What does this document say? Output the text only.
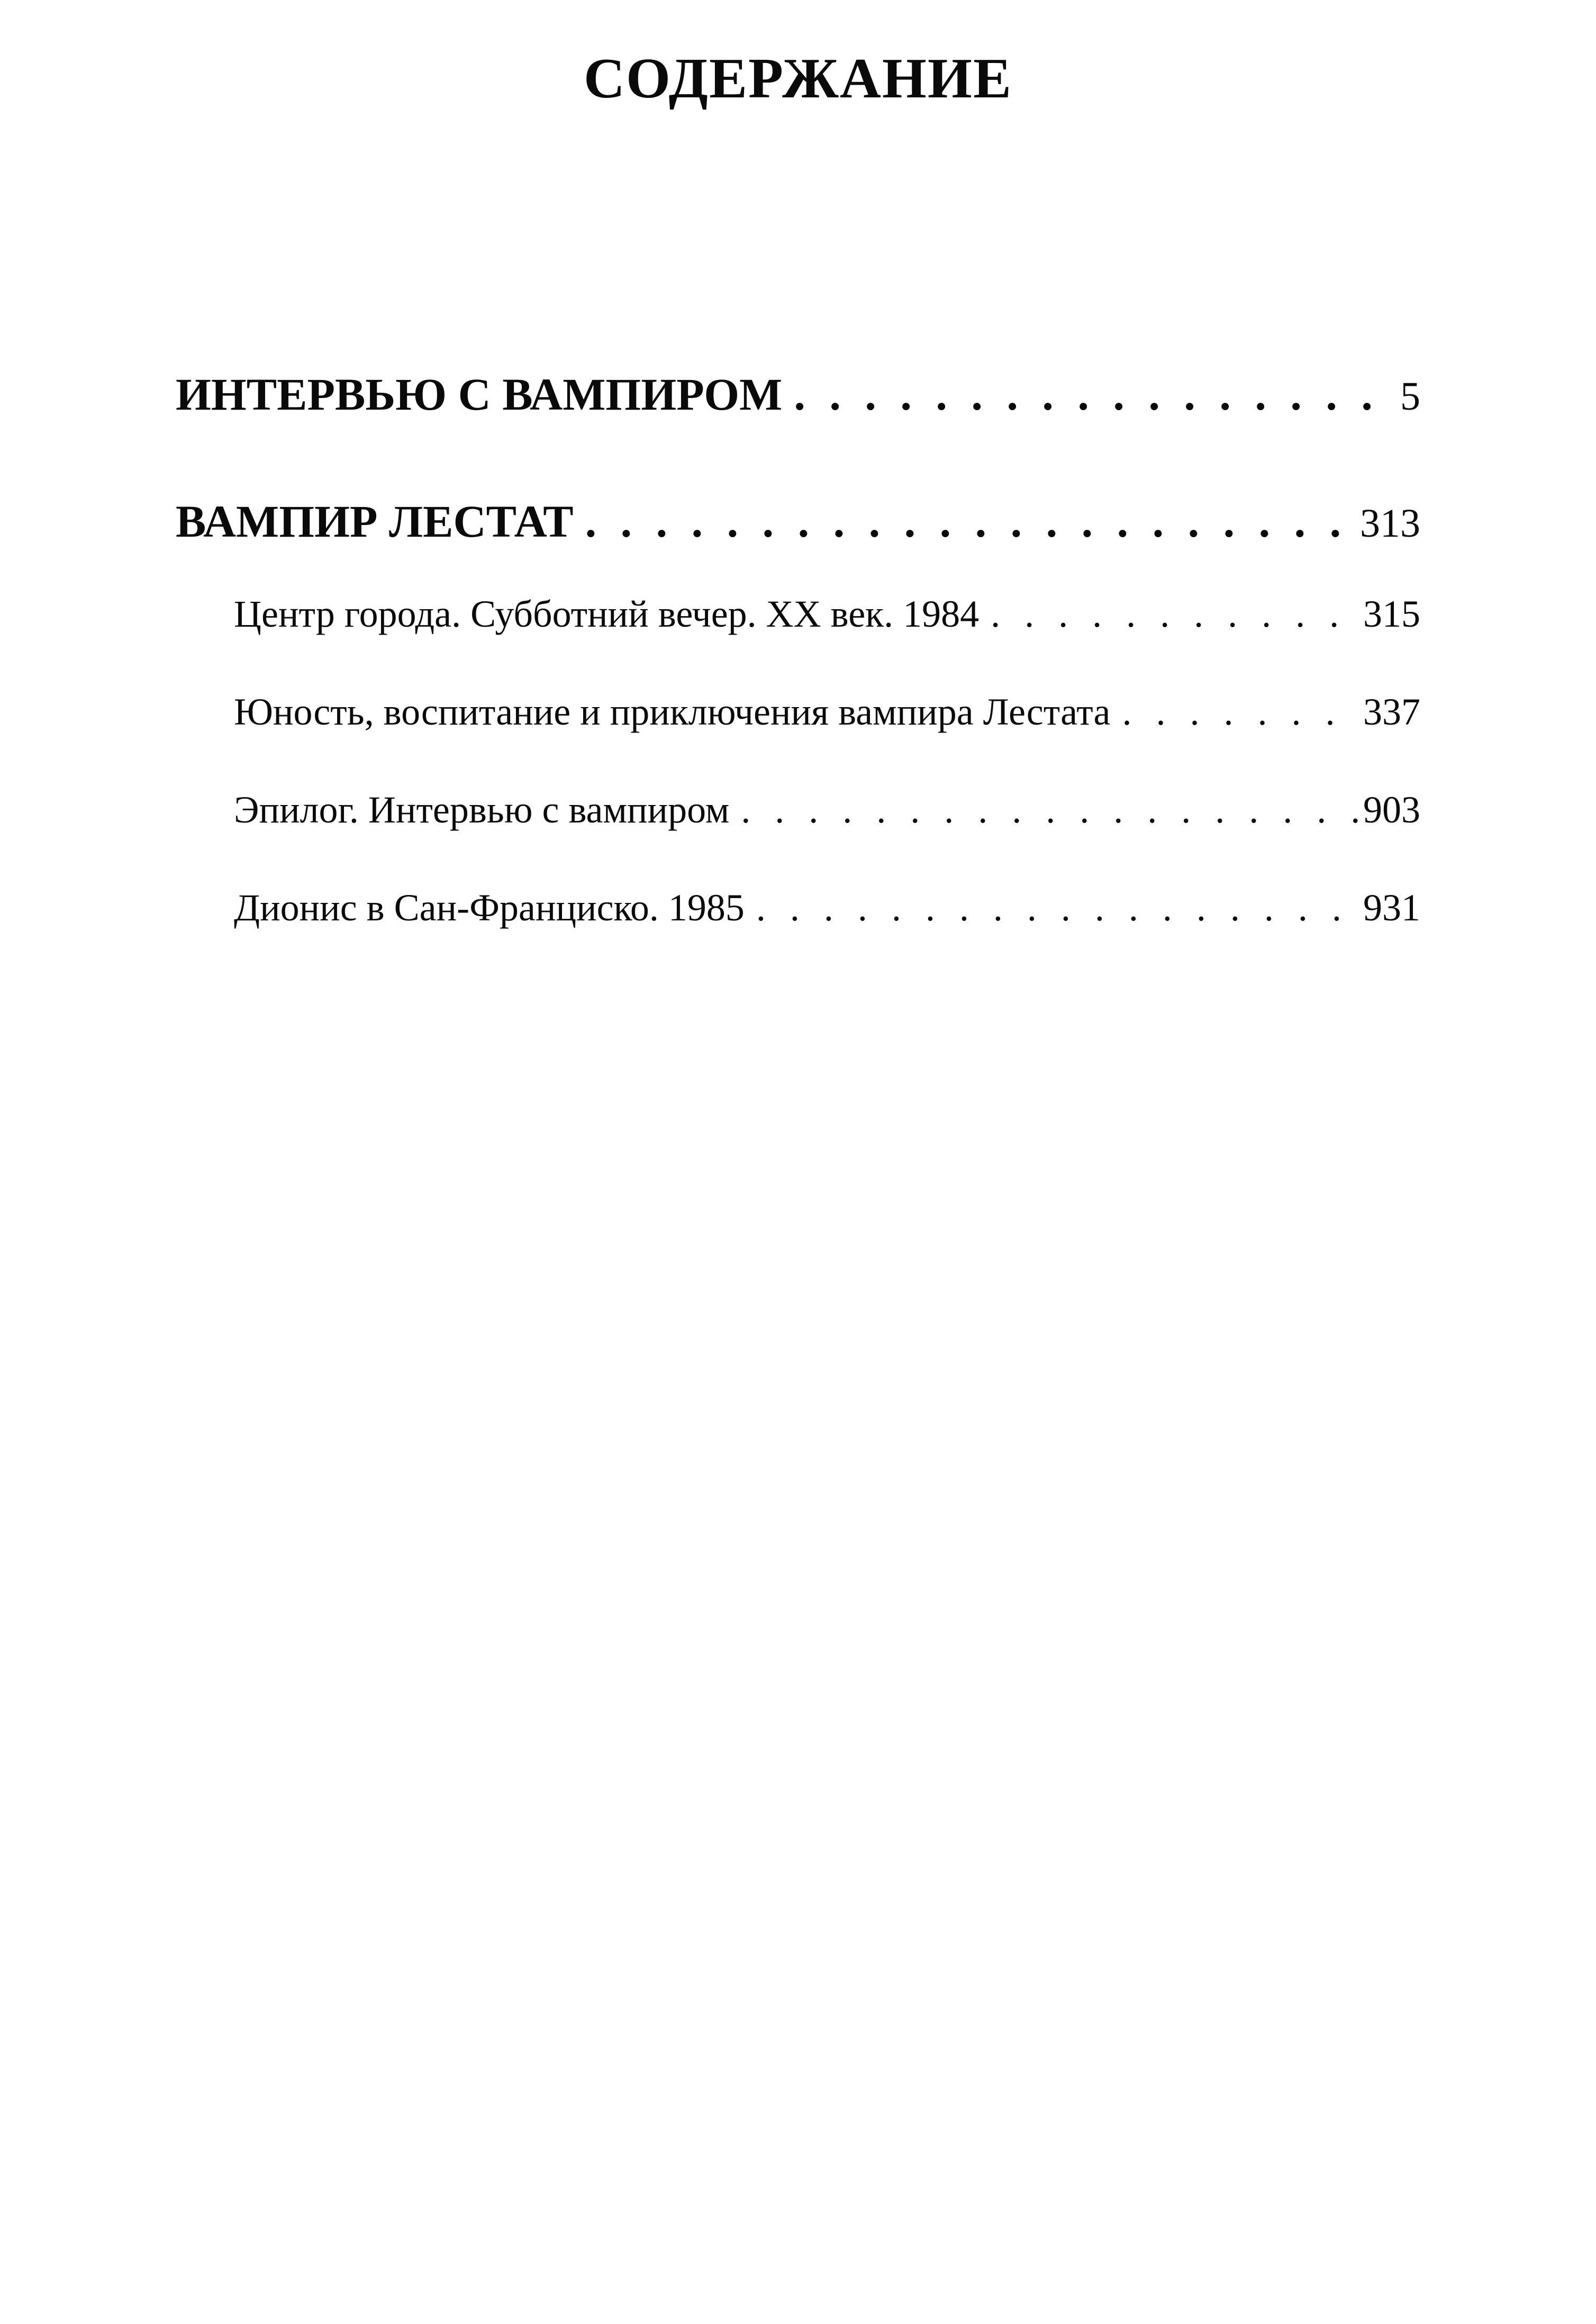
СОДЕРЖАНИЕ
ИНТЕРВЬЮ С ВАМПИРОМ . . .	5
ВАМПИР ЛЕСТАТ . . .	313
Центр города. Субботний вечер. XX век. 1984 . . .	315
Юность, воспитание и приключения вампира Лестата . . .	337
Эпилог. Интервью с вампиром . . .	903
Дионис в Сан-Франциско. 1985 . . .	931
